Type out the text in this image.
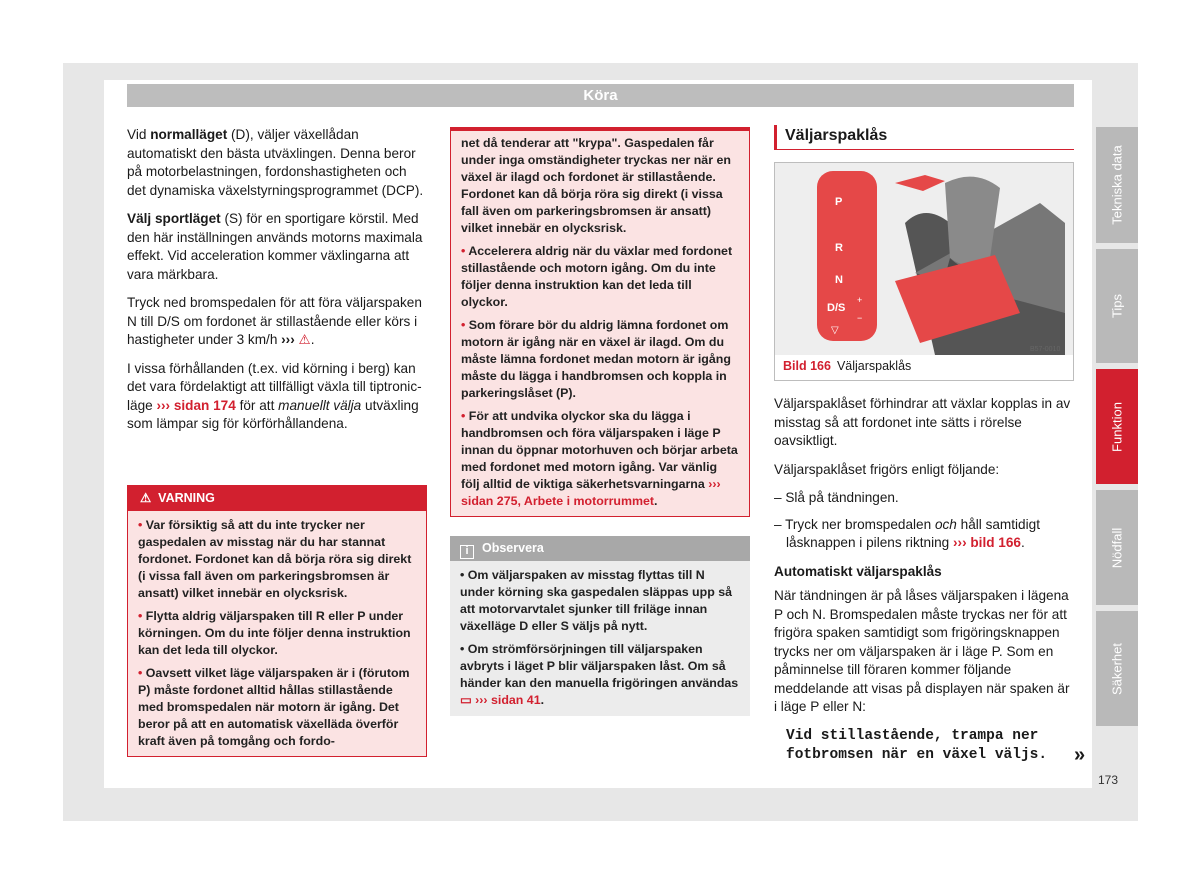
Köra

Vid normalläget (D), väljer växellådan automatiskt den bästa utväxlingen. Denna beror på motorbelastningen, fordonshastigheten och det dynamiska växelstyrningsprogrammet (DCP).

Välj sportläget (S) för en sportigare körstil. Med den här inställningen används motorns maximala effekt. Vid acceleration kommer växlingarna att vara märkbara.

Tryck ned bromspedalen för att föra väljarspaken N till D/S om fordonet är stillastående eller körs i hastigheter under 3 km/h ››› ⚠.

I vissa förhållanden (t.ex. vid körning i berg) kan det vara fördelaktigt att tillfälligt växla till tiptronic-läge ››› sidan 174 för att manuellt välja utväxling som lämpar sig för körförhållandena.

⚠ VARNING

• Var försiktig så att du inte trycker ner gaspedalen av misstag när du har stannat fordonet. Fordonet kan då börja röra sig direkt (i vissa fall även om parkeringsbromsen är ansatt) vilket innebär en olycksrisk.

• Flytta aldrig väljarspaken till R eller P under körningen. Om du inte följer denna instruktion kan det leda till olyckor.

• Oavsett vilket läge väljarspaken är i (förutom P) måste fordonet alltid hållas stillastående med bromspedalen när motorn är igång. Det beror på att en automatisk växelläda överför kraft även på tomgång och fordo-

net då tenderar att "krypa". Gaspedalen får under inga omständigheter tryckas ner när en växel är ilagd och fordonet är stillastående. Fordonet kan då börja röra sig direkt (i vissa fall även om parkeringsbromsen är ansatt) vilket innebär en olycksrisk.

• Accelerera aldrig när du växlar med fordonet stillastående och motorn igång. Om du inte följer denna instruktion kan det leda till olyckor.

• Som förare bör du aldrig lämna fordonet om motorn är igång när en växel är ilagd. Om du måste lämna fordonet medan motorn är igång måste du lägga i handbromsen och koppla in parkeringslåset (P).

• För att undvika olyckor ska du lägga i handbromsen och föra väljarspaken i läge P innan du öppnar motorhuven och börjar arbeta med fordonet med motorn igång. Var vänlig följ alltid de viktiga säkerhetsvarningarna ››› sidan 275, Arbete i motorrummet.

i Observera

• Om väljarspaken av misstag flyttas till N under körning ska gaspedalen släppas upp så att motorvarvtalet sjunker till friläge innan växelläge D eller S väljs på nytt.

• Om strömförsörjningen till väljarspaken avbryts i läget P blir väljarspaken låst. Om så händer kan den manuella frigöringen användas ▭ ››› sidan 41.

Väljarspaklås
B57-0010
P
R
N
D/S
+
−
▽
Bild 166 Väljarspaklås

Väljarspaklåset förhindrar att växlar kopplas in av misstag så att fordonet inte sätts i rörelse oavsiktligt.

Väljarspaklåset frigörs enligt följande:

– Slå på tändningen.

– Tryck ner bromspedalen och håll samtidigt låsknappen i pilens riktning ››› bild 166.

Automatiskt väljarspaklås

När tändningen är på låses väljarspaken i lägena P och N. Bromspedalen måste tryckas ner för att frigöra spaken samtidigt som frigöringsknappen trycks ner om väljarspaken är i läge P. Som en påminnelse till föraren kommer följande meddelande att visas på displayen när spaken är i läge P eller N:

Vid stillastående, trampa ner fotbromsen när en växel väljs.	»
Tekniska data
Tips
Funktion
Nödfall
Säkerhet
173
